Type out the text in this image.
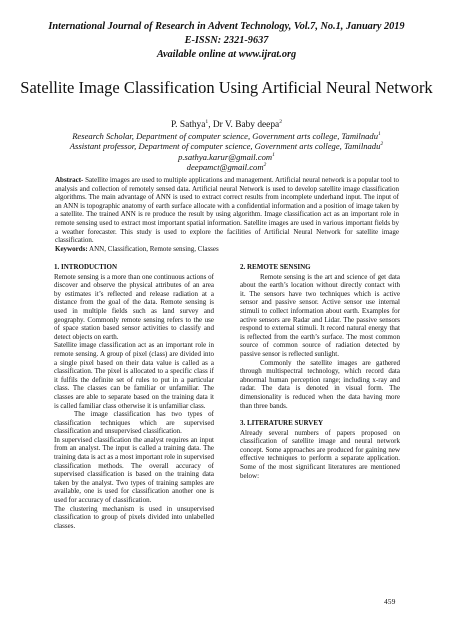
International Journal of Research in Advent Technology, Vol.7, No.1, January 2019
E-ISSN: 2321-9637
Available online at www.ijrat.org
Satellite Image Classification Using Artificial Neural Network
P. Sathya$^1$, Dr V. Baby deepa$^2$
Research Scholar, Department of computer science, Government arts college, Tamilnadu$^1$
Assistant professor, Department of computer science, Government arts college, Tamilnadu$^2$
p.sathya.karur@gmail.com$^1$
deepamct@gmail.com$^2$

Abstract- Satellite images are used to multiple applications and management. Artificial neural network is a popular tool to analysis and collection of remotely sensed data. Artificial neural Network is used to develop satellite image classification algorithms. The main advantage of ANN is used to extract correct results from incomplete underhand input. The input of an ANN is topographic anatomy of earth surface allocate with a confidential information and a position of image taken by a satellite. The trained ANN is re produce the result by using algorithm. Image classification act as an important role in remote sensing used to extract most important spatial information. Satellite images are used in various important fields by a weather forecaster. This study is used to explore the facilities of Artificial Neural Network for satellite image classification.

Keywords: ANN, Classification, Remote sensing, Classes

1. INTRODUCTION

Remote sensing is a more than one continuous actions of discover and observe the physical attributes of an area by estimates it’s reflected and release radiation at a distance from the goal of the data. Remote sensing is used in multiple fields such as land survey and geography. Commonly remote sensing refers to the use of space station based sensor activities to classify and detect objects on earth.

Satellite image classification act as an important role in remote sensing. A group of pixel (class) are divided into a single pixel based on their data value is called as a classification. The pixel is allocated to a specific class if it fulfils the definite set of rules to put in a particular class. The classes can be familiar or unfamiliar. The classes are able to separate based on the training data it is called familiar class otherwise it is unfamiliar class.

The image classification has two types of classification techniques which are supervised classification and unsupervised classification.

In supervised classification the analyst requires an input from an analyst. The input is called a training data. The training data is act as a most important role in supervised classification methods. The overall accuracy of supervised classification is based on the training data taken by the analyst. Two types of training samples are available, one is used for classification another one is used for accuracy of classification.

The clustering mechanism is used in unsupervised classification to group of pixels divided into unlabelled classes.

2. REMOTE SENSING

Remote sensing is the art and science of get data about the earth’s location without directly contact with it. The sensors have two techniques which is active sensor and passive sensor. Active sensor use internal stimuli to collect information about earth. Examples for active sensors are Radar and Lidar. The passive sensors respond to external stimuli. It record natural energy that is reflected from the earth’s surface. The most common source of common source of radiation detected by passive sensor is reflected sunlight.

Commonly the satellite images are gathered through multispectral technology, which record data abnormal human perception range; including x-ray and radar. The data is denoted in visual form. The dimensionality is reduced when the data having more than three bands.

3. LITERATURE SURVEY

Already several numbers of papers proposed on classification of satellite image and neural network concept. Some approaches are produced for gaining new effective techniques to perform a separate application. Some of the most significant literatures are mentioned below:

459
